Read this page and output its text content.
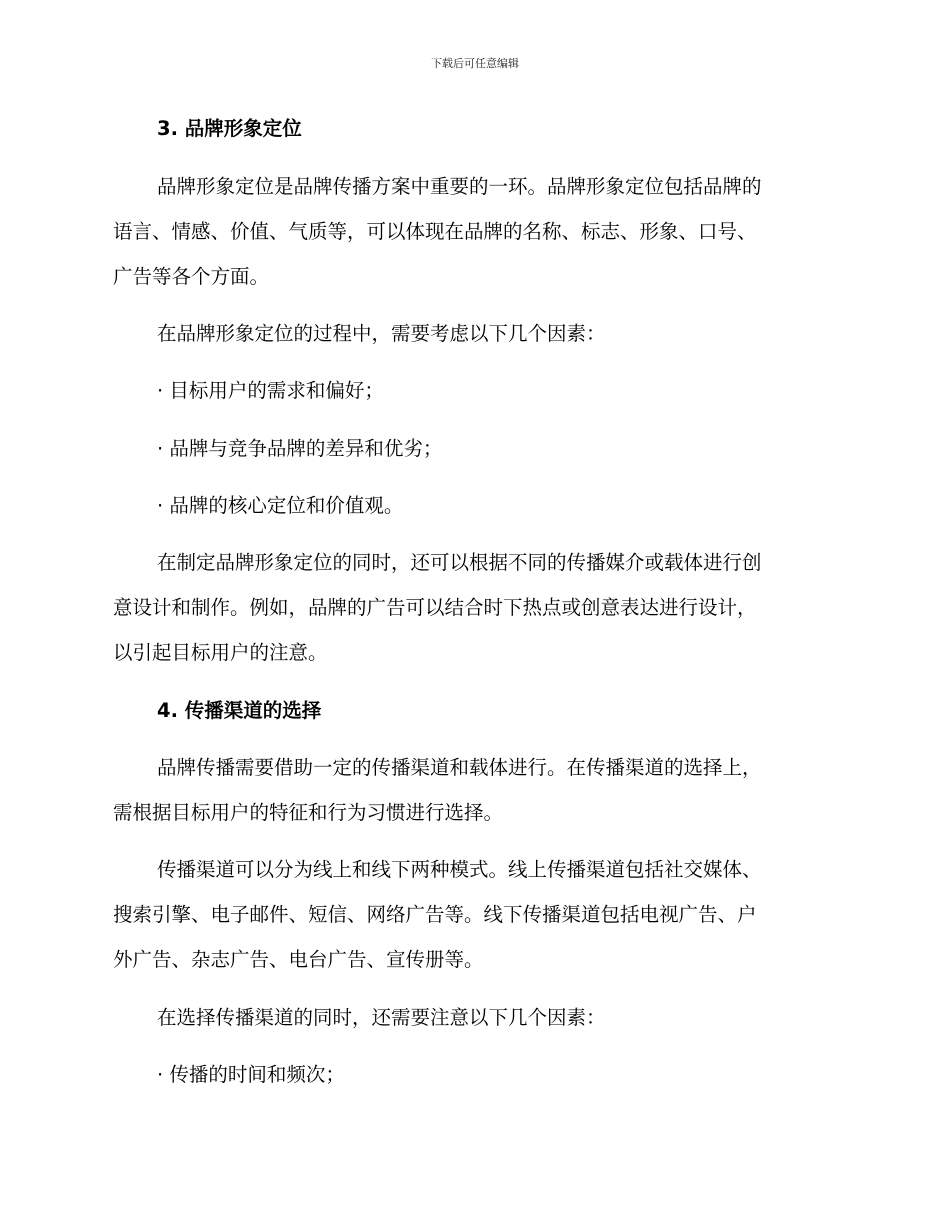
下载后可任意编辑
3. 品牌形象定位
品牌形象定位是品牌传播方案中重要的一环。品牌形象定位包括品牌的
语言、情感、价值、气质等，可以体现在品牌的名称、标志、形象、口号、
广告等各个方面。
在品牌形象定位的过程中，需要考虑以下几个因素：
· 目标用户的需求和偏好；
· 品牌与竞争品牌的差异和优劣；
· 品牌的核心定位和价值观。
在制定品牌形象定位的同时，还可以根据不同的传播媒介或载体进行创
意设计和制作。例如，品牌的广告可以结合时下热点或创意表达进行设计，
以引起目标用户的注意。
4. 传播渠道的选择
品牌传播需要借助一定的传播渠道和载体进行。在传播渠道的选择上，
需根据目标用户的特征和行为习惯进行选择。
传播渠道可以分为线上和线下两种模式。线上传播渠道包括社交媒体、
搜索引擎、电子邮件、短信、网络广告等。线下传播渠道包括电视广告、户
外广告、杂志广告、电台广告、宣传册等。
在选择传播渠道的同时，还需要注意以下几个因素：
· 传播的时间和频次；
